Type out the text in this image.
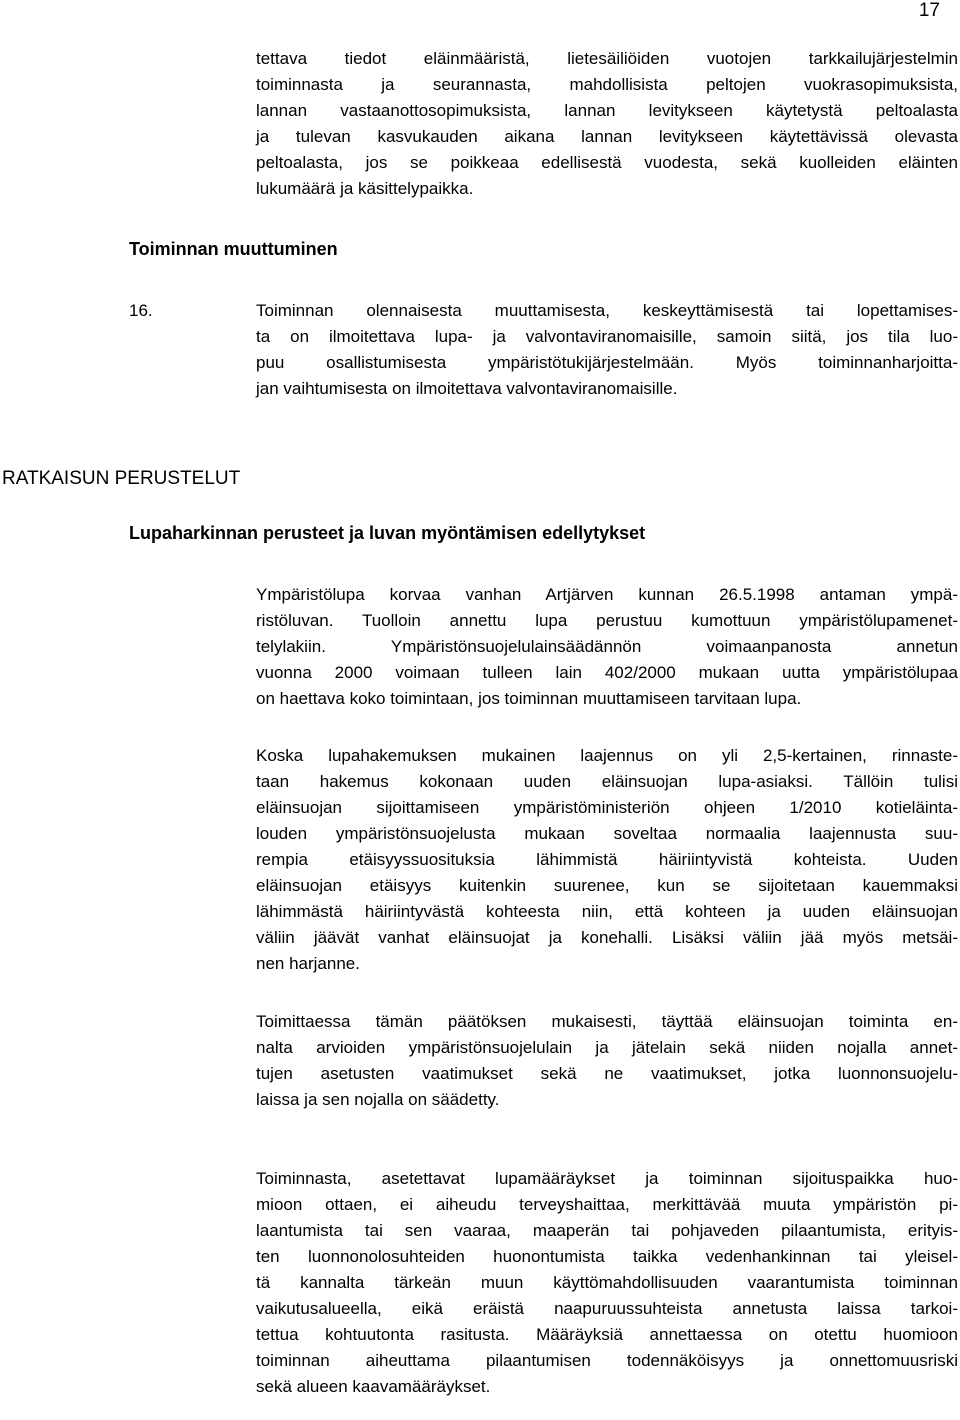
17
tettava tiedot eläinmääristä, lietesäiliöiden vuotojen tarkkailujärjestelmin
toiminnasta ja seurannasta, mahdollisista peltojen vuokrasopimuksista,
lannan vastaanottosopimuksista, lannan levitykseen käytetystä peltoalasta
ja tulevan kasvukauden aikana lannan levitykseen käytettävissä olevasta
peltoalasta, jos se poikkeaa edellisestä vuodesta, sekä kuolleiden eläinten
lukumäärä ja käsittelypaikka.
Toiminnan muuttuminen
16.	Toiminnan olennaisesta muuttamisesta, keskeyttämisestä tai lopettamises-
ta on ilmoitettava lupa- ja valvontaviranomaisille, samoin siitä, jos tila luo-
puu osallistumisesta ympäristötukijärjestelmään. Myös toiminnanharjoitta-
jan vaihtumisesta on ilmoitettava valvontaviranomaisille.
RATKAISUN PERUSTELUT
Lupaharkinnan perusteet ja luvan myöntämisen edellytykset
Ympäristölupa korvaa vanhan Artjärven kunnan 26.5.1998 antaman ympä-
ristöluvan. Tuolloin annettu lupa perustuu kumottuun ympäristölupamenet-
telylakiin. Ympäristönsuojelulainsäädännön voimaanpanosta annetun
vuonna 2000 voimaan tulleen lain 402/2000 mukaan uutta ympäristölupaa
on haettava koko toimintaan, jos toiminnan muuttamiseen tarvitaan lupa.
Koska lupahakemuksen mukainen laajennus on yli 2,5-kertainen, rinnaste-
taan hakemus kokonaan uuden eläinsuojan lupa-asiaksi. Tällöin tulisi
eläinsuojan sijoittamiseen ympäristöministeriön ohjeen 1/2010 kotieläinta-
louden ympäristönsuojelusta mukaan soveltaa normaalia laajennusta suu-
rempia etäisyyssuosituksia lähimmistä häiriintyvistä kohteista. Uuden
eläinsuojan etäisyys kuitenkin suurenee, kun se sijoitetaan kauemmaksi
lähimmästä häiriintyvästä kohteesta niin, että kohteen ja uuden eläinsuojan
väliin jäävät vanhat eläinsuojat ja konehalli. Lisäksi väliin jää myös metsäi-
nen harjanne.
Toimittaessa tämän päätöksen mukaisesti, täyttää eläinsuojan toiminta en-
nalta arvioiden ympäristönsuojelulain ja jätelain sekä niiden nojalla annet-
tujen asetusten vaatimukset sekä ne vaatimukset, jotka luonnonsuojelu-
laissa ja sen nojalla on säädetty.
Toiminnasta, asetettavat lupamääräykset ja toiminnan sijoituspaikka huo-
mioon ottaen, ei aiheudu terveyshaittaa, merkittävää muuta ympäristön pi-
laantumista tai sen vaaraa, maaperän tai pohjaveden pilaantumista, erityis-
ten luonnonolosuhteiden huonontumista taikka vedenhankinnan tai yleisel-
tä kannalta tärkeän muun käyttömahdollisuuden vaarantumista toiminnan
vaikutusalueella, eikä eräistä naapuruussuhteista annetusta laissa tarkoi-
tettua kohtuutonta rasitusta. Määräyksiä annettaessa on otettu huomioon
toiminnan aiheuttama pilaantumisen todennäköisyys ja onnettomuusriski
sekä alueen kaavamääräykset.
